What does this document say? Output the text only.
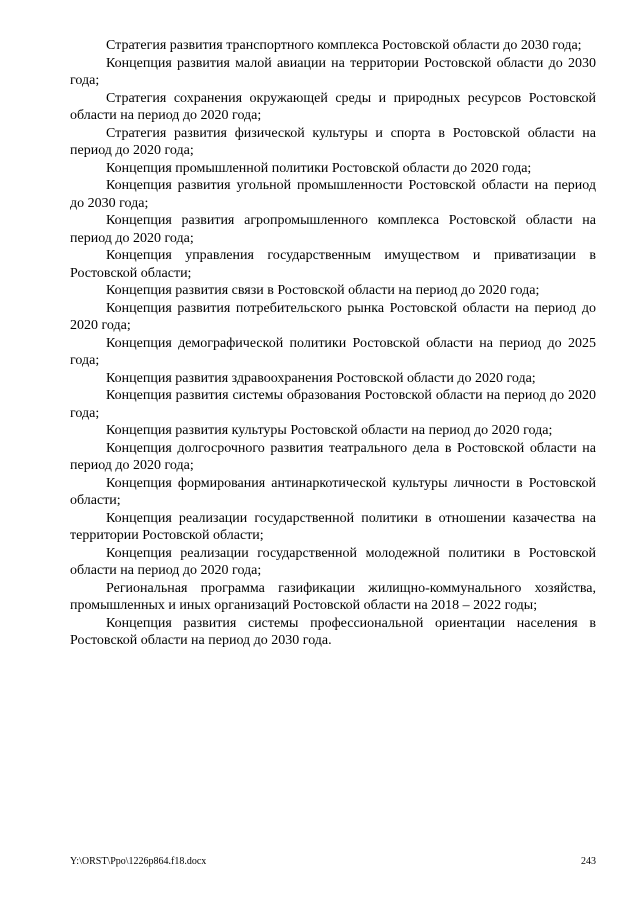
Стратегия развития транспортного комплекса Ростовской области до 2030 года;

Концепция развития малой авиации на территории Ростовской области до 2030 года;

Стратегия сохранения окружающей среды и природных ресурсов Ростовской области на период до 2020 года;

Стратегия развития физической культуры и спорта в Ростовской области на период до 2020 года;

Концепция промышленной политики Ростовской области до 2020 года;

Концепция развития угольной промышленности Ростовской области на период до 2030 года;

Концепция развития агропромышленного комплекса Ростовской области на период до 2020 года;

Концепция управления государственным имуществом и приватизации в Ростовской области;

Концепция развития связи в Ростовской области на период до 2020 года;

Концепция развития потребительского рынка Ростовской области на период до 2020 года;

Концепция демографической политики Ростовской области на период до 2025 года;

Концепция развития здравоохранения Ростовской области до 2020 года;

Концепция развития системы образования Ростовской области на период до 2020 года;

Концепция развития культуры Ростовской области на период до 2020 года;

Концепция долгосрочного развития театрального дела в Ростовской области на период до 2020 года;

Концепция формирования антинаркотической культуры личности в Ростовской области;

Концепция реализации государственной политики в отношении казачества на территории Ростовской области;

Концепция реализации государственной молодежной политики в Ростовской области на период до 2020 года;

Региональная программа газификации жилищно-коммунального хозяйства, промышленных и иных организаций Ростовской области на 2018 – 2022 годы;

Концепция развития системы профессиональной ориентации населения в Ростовской области на период до 2030 года.

Y:\ORST\Ppo\1226p864.f18.docx	243
